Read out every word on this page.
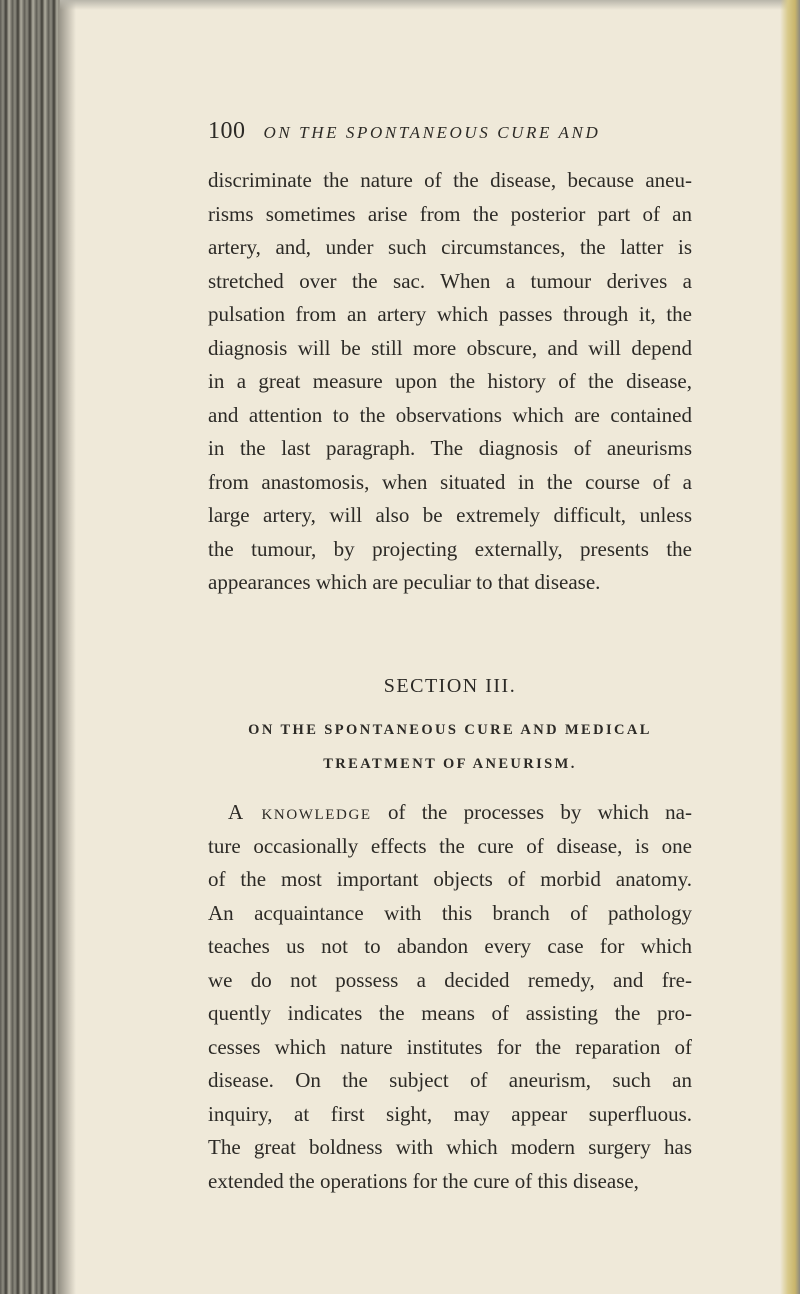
100 ON THE SPONTANEOUS CURE AND
discriminate the nature of the disease, because aneu-
risms sometimes arise from the posterior part of an
artery, and, under such circumstances, the latter is
stretched over the sac. When a tumour derives a
pulsation from an artery which passes through it, the
diagnosis will be still more obscure, and will depend
in a great measure upon the history of the disease,
and attention to the observations which are contained
in the last paragraph. The diagnosis of aneurisms
from anastomosis, when situated in the course of a
large artery, will also be extremely difficult, unless
the tumour, by projecting externally, presents the
appearances which are peculiar to that disease.
SECTION III.
ON THE SPONTANEOUS CURE AND MEDICAL
TREATMENT OF ANEURISM.
A knowledge of the processes by which na-
ture occasionally effects the cure of disease, is one
of the most important objects of morbid anatomy.
An acquaintance with this branch of pathology
teaches us not to abandon every case for which
we do not possess a decided remedy, and fre-
quently indicates the means of assisting the pro-
cesses which nature institutes for the reparation of
disease. On the subject of aneurism, such an
inquiry, at first sight, may appear superfluous.
The great boldness with which modern surgery has
extended the operations for the cure of this disease,
